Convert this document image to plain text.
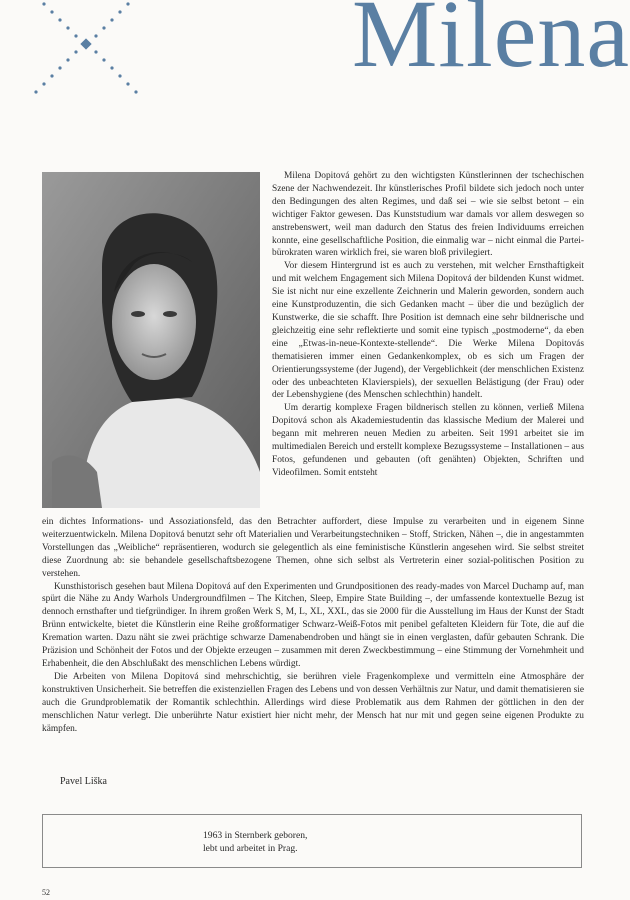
Milena

Milena Dopitová gehört zu den wichtigsten Künstlerinnen der tschechischen Szene der Nachwendezeit. Ihr künstlerisches Profil bildete sich jedoch noch unter den Bedingungen des alten Regimes, und daß sei – wie sie selbst betont – ein wichtiger Faktor gewesen. Das Kunststudium war damals vor allem deswegen so anstrebenswert, weil man dadurch den Status des freien Individuums erreichen konnte, eine gesellschaftliche Position, die einmalig war – nicht einmal die Partei-bürokraten waren wirklich frei, sie waren bloß privilegiert.

Vor diesem Hintergrund ist es auch zu verstehen, mit welcher Ernsthaftigkeit und mit welchem Engagement sich Milena Dopitová der bildenden Kunst widmet. Sie ist nicht nur eine exzellente Zeichnerin und Malerin geworden, sondern auch eine Kunstproduzentin, die sich Gedanken macht – über die und bezüglich der Kunstwerke, die sie schafft. Ihre Position ist demnach eine sehr bildnerische und gleichzeitig eine sehr reflektierte und somit eine typisch „postmoderne“, da eben eine „Etwas-in-neue-Kontexte-stellende“. Die Werke Milena Dopitovás thematisieren immer einen Gedankenkomplex, ob es sich um Fragen der Orientierungssysteme (der Jugend), der Vergeblichkeit (der menschlichen Existenz oder des unbeachteten Klavierspiels), der sexuellen Belästigung (der Frau) oder der Lebenshygiene (des Menschen schlechthin) handelt.

Um derartig komplexe Fragen bildnerisch stellen zu können, verließ Milena Dopitová schon als Akademiestudentin das klassische Medium der Malerei und begann mit mehreren neuen Medien zu arbeiten. Seit 1991 arbeitet sie im multimedialen Bereich und erstellt komplexe Bezugssysteme – Installationen – aus Fotos, gefundenen und gebauten (oft genähten) Objekten, Schriften und Videofilmen. Somit entsteht

ein dichtes Informations- und Assoziationsfeld, das den Betrachter auffordert, diese Impulse zu verarbeiten und in eigenem Sinne weiterzuentwickeln. Milena Dopitová benutzt sehr oft Materialien und Verarbeitungstechniken – Stoff, Stricken, Nähen –, die in angestammten Vorstellungen das „Weibliche“ repräsentieren, wodurch sie gelegentlich als eine feministische Künstlerin angesehen wird. Sie selbst streitet diese Zuordnung ab: sie behandele gesellschaftsbezogene Themen, ohne sich selbst als Vertreterin einer sozial-politischen Position zu verstehen.

Kunsthistorisch gesehen baut Milena Dopitová auf den Experimenten und Grundpositionen des ready-mades von Marcel Duchamp auf, man spürt die Nähe zu Andy Warhols Undergroundfilmen – The Kitchen, Sleep, Empire State Building –, der umfassende kontextuelle Bezug ist dennoch ernsthafter und tiefgründiger. In ihrem großen Werk S, M, L, XL, XXL, das sie 2000 für die Ausstellung im Haus der Kunst der Stadt Brünn entwickelte, bietet die Künstlerin eine Reihe großformatiger Schwarz-Weiß-Fotos mit penibel gefalteten Kleidern für Tote, die auf die Kremation warten. Dazu näht sie zwei prächtige schwarze Damenabendroben und hängt sie in einen verglasten, dafür gebauten Schrank. Die Präzision und Schönheit der Fotos und der Objekte erzeugen – zusammen mit deren Zweckbestimmung – eine Stimmung der Vornehmheit und Erhabenheit, die den Abschlußakt des menschlichen Lebens würdigt.

Die Arbeiten von Milena Dopitová sind mehrschichtig, sie berühren viele Fragenkomplexe und vermitteln eine Atmosphäre der konstruktiven Unsicherheit. Sie betreffen die existenziellen Fragen des Lebens und von dessen Verhältnis zur Natur, und damit thematisieren sie auch die Grundproblematik der Romantik schlechthin. Allerdings wird diese Problematik aus dem Rahmen der göttlichen in den der menschlichen Natur verlegt. Die unberührte Natur existiert hier nicht mehr, der Mensch hat nur mit und gegen seine eigenen Produkte zu kämpfen.

Pavel Liška
1963 in Sternberk geboren,
lebt und arbeitet in Prag.
52
